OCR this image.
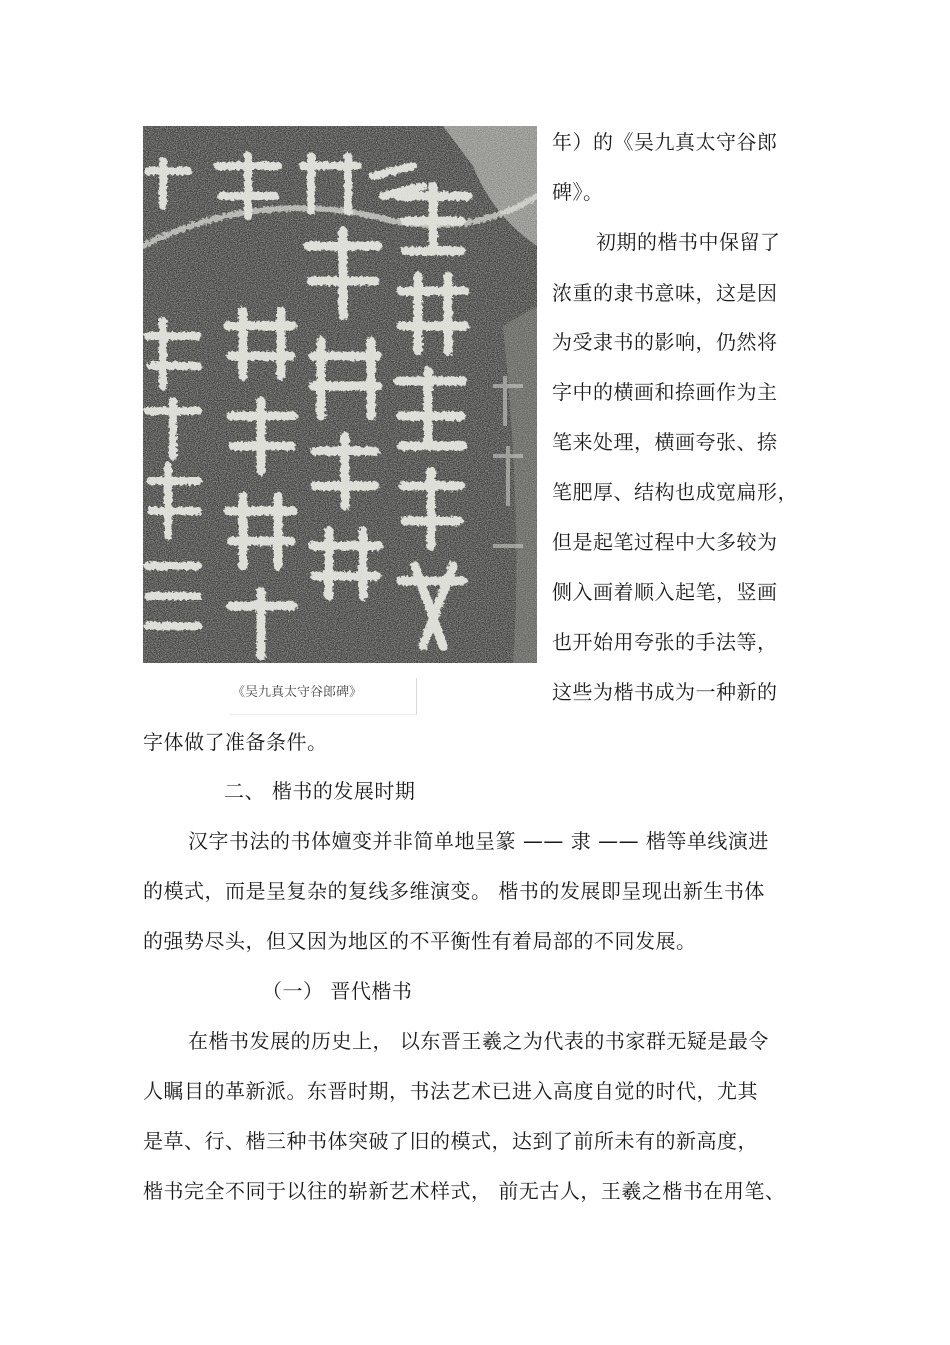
《吴九真太守谷郎碑》
年）的《吴九真太守谷郎
碑》。
初期的楷书中保留了
浓重的隶书意味，这是因
为受隶书的影响，仍然将
字中的横画和捺画作为主
笔来处理，横画夸张、捺
笔肥厚、结构也成宽扁形，
但是起笔过程中大多较为
侧入画着顺入起笔，竖画
也开始用夸张的手法等，
这些为楷书成为一种新的
字体做了准备条件。
二、 楷书的发展时期
汉字书法的书体嬗变并非简单地呈篆 —— 隶 —— 楷等单线演进
的模式，而是呈复杂的复线多维演变。 楷书的发展即呈现出新生书体
的强势尽头，但又因为地区的不平衡性有着局部的不同发展。
（一） 晋代楷书
在楷书发展的历史上， 以东晋王羲之为代表的书家群无疑是最令
人瞩目的革新派。东晋时期，书法艺术已进入高度自觉的时代，尤其
是草、行、楷三种书体突破了旧的模式，达到了前所未有的新高度，
楷书完全不同于以往的崭新艺术样式， 前无古人，王羲之楷书在用笔、
